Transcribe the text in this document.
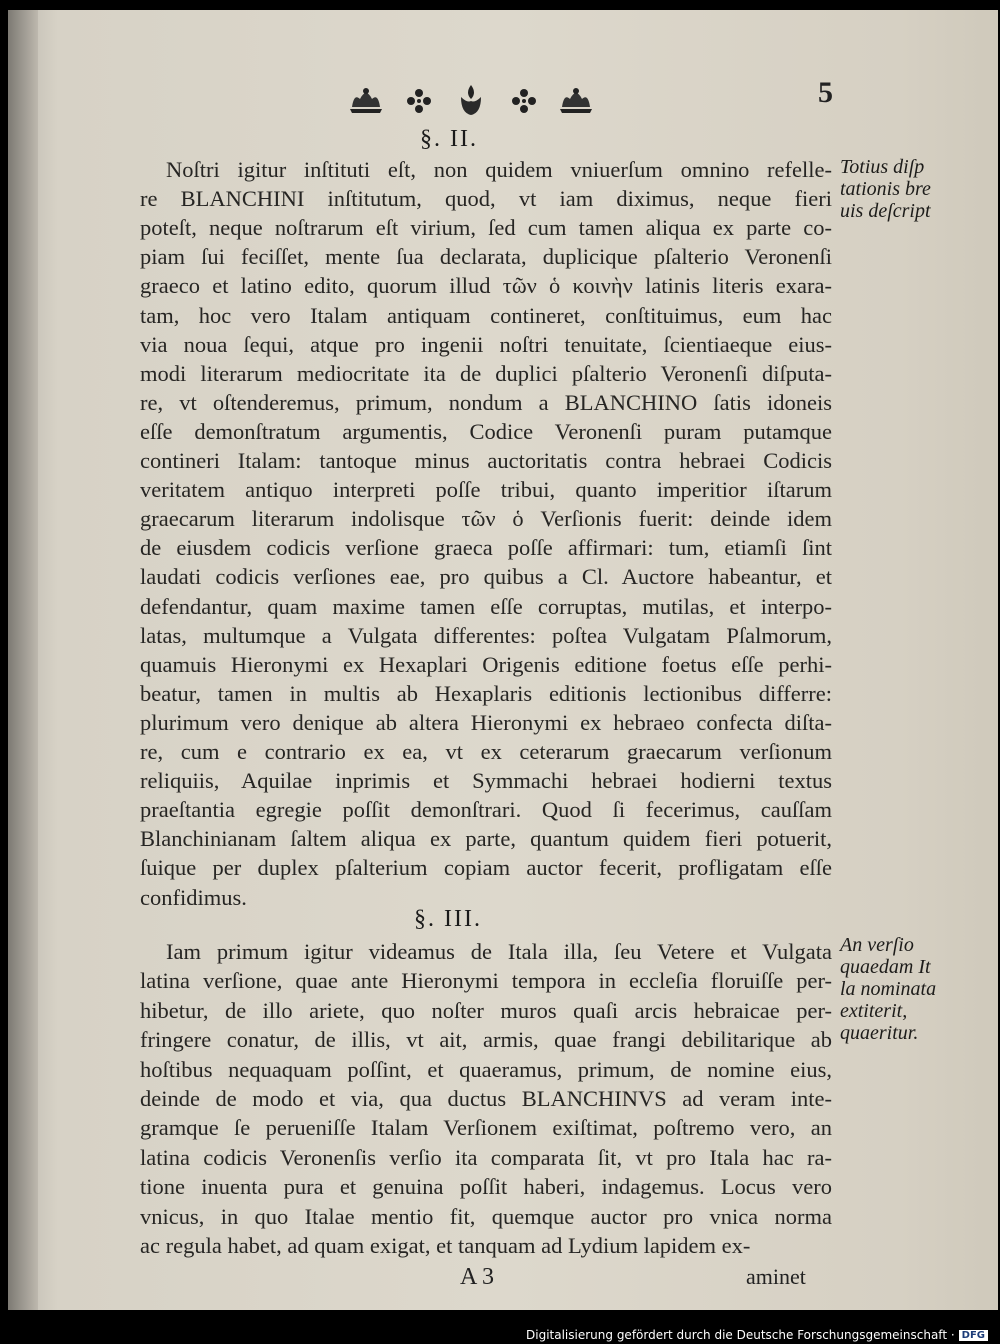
5
§. II.
Noſtri igitur inſtituti eſt, non quidem vniuerſum omnino refelle-
re BLANCHINI inſtitutum, quod, vt iam diximus, neque fieri
poteſt, neque noſtrarum eſt virium, ſed cum tamen aliqua ex parte co-
piam ſui feciſſet, mente ſua declarata, duplicique pſalterio Veronenſi
graeco et latino edito, quorum illud τῶν ὁ κοινὴν latinis literis exara-
tam, hoc vero Italam antiquam contineret, conſtituimus, eum hac
via noua ſequi, atque pro ingenii noſtri tenuitate, ſcientiaeque eius-
modi literarum mediocritate ita de duplici pſalterio Veronenſi diſputa-
re, vt oſtenderemus, primum, nondum a BLANCHINO ſatis idoneis
eſſe demonſtratum argumentis, Codice Veronenſi puram putamque
contineri Italam: tantoque minus auctoritatis contra hebraei Codicis
veritatem antiquo interpreti poſſe tribui, quanto imperitior iſtarum
graecarum literarum indolisque τῶν ὁ Verſionis fuerit: deinde idem
de eiusdem codicis verſione graeca poſſe affirmari: tum, etiamſi ſint
laudati codicis verſiones eae, pro quibus a Cl. Auctore habeantur, et
defendantur, quam maxime tamen eſſe corruptas, mutilas, et interpo-
latas, multumque a Vulgata differentes: poſtea Vulgatam Pſalmorum,
quamuis Hieronymi ex Hexaplari Origenis editione foetus eſſe perhi-
beatur, tamen in multis ab Hexaplaris editionis lectionibus differre:
plurimum vero denique ab altera Hieronymi ex hebraeo confecta diſta-
re, cum e contrario ex ea, vt ex ceterarum graecarum verſionum
reliquiis, Aquilae inprimis et Symmachi hebraei hodierni textus
praeſtantia egregie poſſit demonſtrari. Quod ſi fecerimus, cauſſam
Blanchinianam ſaltem aliqua ex parte, quantum quidem fieri potuerit,
ſuique per duplex pſalterium copiam auctor fecerit, profligatam eſſe
confidimus.
Totius diſp
tationis bre
uis deſcript
§. III.
Iam primum igitur videamus de Itala illa, ſeu Vetere et Vulgata
latina verſione, quae ante Hieronymi tempora in eccleſia floruiſſe per-
hibetur, de illo ariete, quo noſter muros quaſi arcis hebraicae per-
fringere conatur, de illis, vt ait, armis, quae frangi debilitarique ab
hoſtibus nequaquam poſſint, et quaeramus, primum, de nomine eius,
deinde de modo et via, qua ductus BLANCHINVS ad veram inte-
gramque ſe perueniſſe Italam Verſionem exiſtimat, poſtremo vero, an
latina codicis Veronenſis verſio ita comparata ſit, vt pro Itala hac ra-
tione inuenta pura et genuina poſſit haberi, indagemus. Locus vero
vnicus, in quo Italae mentio fit, quemque auctor pro vnica norma
ac regula habet, ad quam exigat, et tanquam ad Lydium lapidem ex-
An verſio
quaedam It
la nominata
extiterit,
quaeritur.
A 3	aminet
Digitalisierung gefördert durch die Deutsche Forschungsgemeinschaft · DFG
